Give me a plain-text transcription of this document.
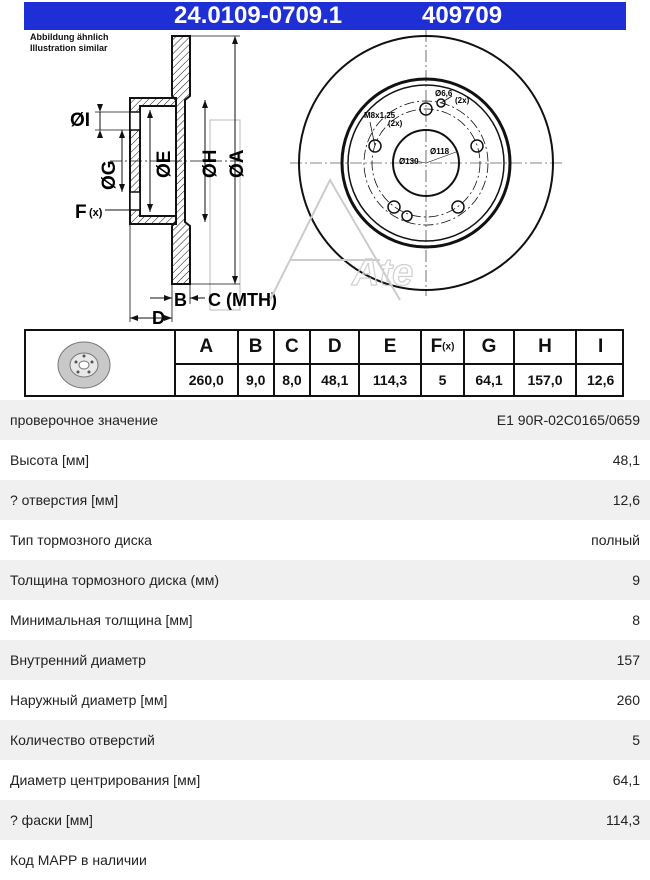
24.0109-0709.1	409709
Abbildung ähnlich
Illustration similar
ØI
ØG ØE ØH ØA
F (x)
B C (MTH)
D
Ø6,6
(2x)
M8x1,25
(2x)
Ø130
Ø118
Ate
A	B	C	D	E	F(x)	G	H	I
260,0	9,0	8,0	48,1	114,3	5	64,1	157,0	12,6
проверочное значение	E1 90R-02C0165/0659
Высота [мм]	48,1
? отверстия [мм]	12,6
Тип тормозного диска	полный
Толщина тормозного диска (мм)	9
Минимальная толщина [мм]	8
Внутренний диаметр	157
Наружный диаметр [мм]	260
Количество отверстий	5
Диаметр центрирования [мм]	64,1
? фаски [мм]	114,3
Код MAPP в наличии
